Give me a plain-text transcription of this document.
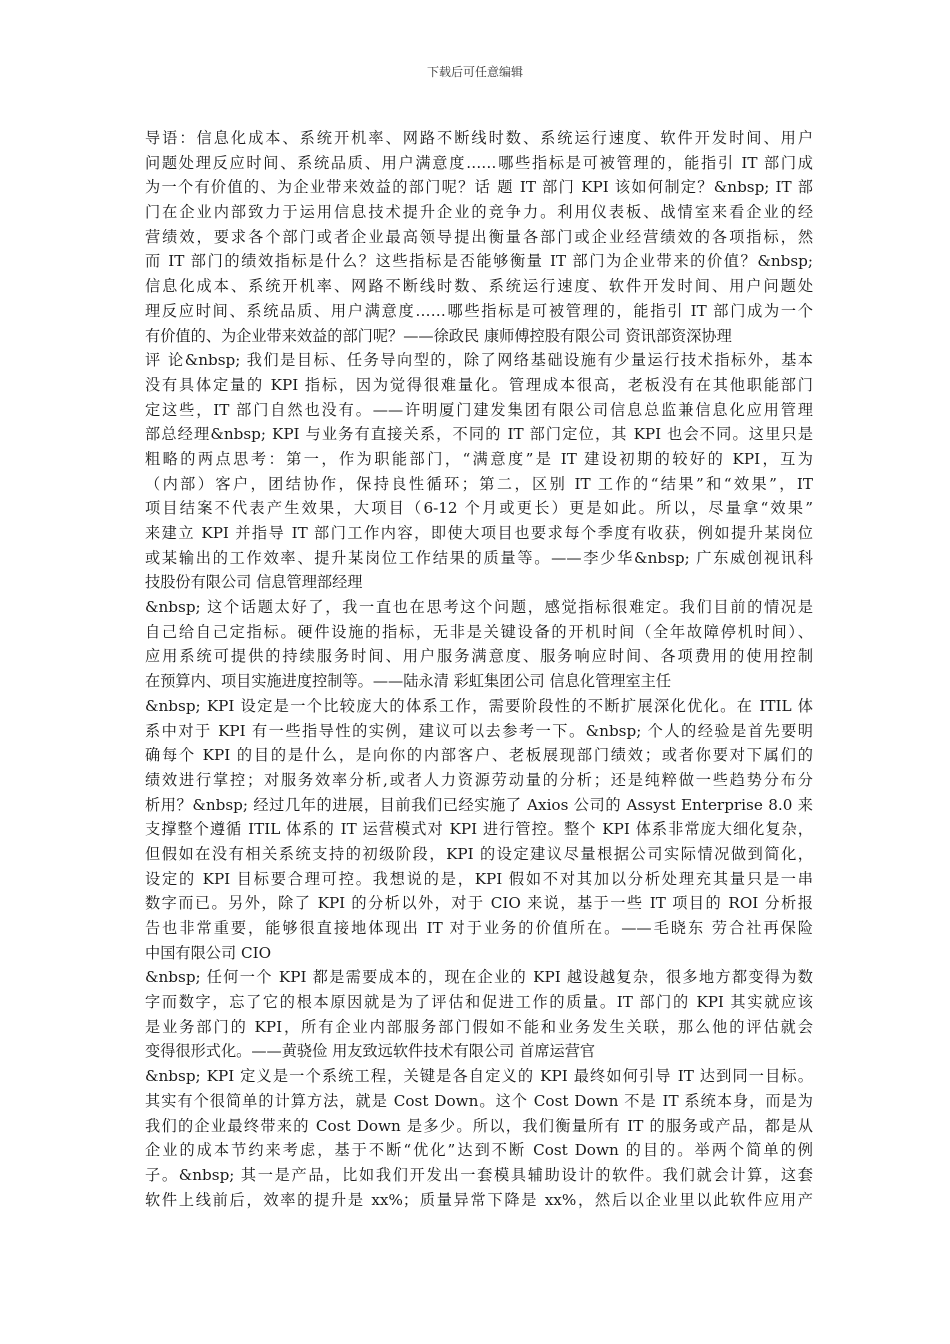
下载后可任意编辑
导语：信息化成本、系统开机率、网路不断线时数、系统运行速度、软件开发时间、用户
问题处理反应时间、系统品质、用户满意度……哪些指标是可被管理的，能指引 IT 部门成
为一个有价值的、为企业带来效益的部门呢？话 题 IT 部门 KPI 该如何制定？&nbsp; IT 部
门在企业内部致力于运用信息技术提升企业的竞争力。利用仪表板、战情室来看企业的经
营绩效，要求各个部门或者企业最高领导提出衡量各部门或企业经营绩效的各项指标，然
而 IT 部门的绩效指标是什么？这些指标是否能够衡量 IT 部门为企业带来的价值？&nbsp;
信息化成本、系统开机率、网路不断线时数、系统运行速度、软件开发时间、用户问题处
理反应时间、系统品质、用户满意度……哪些指标是可被管理的，能指引 IT 部门成为一个
有价值的、为企业带来效益的部门呢？——徐政民 康师傅控股有限公司 资讯部资深协理
评 论&nbsp; 我们是目标、任务导向型的，除了网络基础设施有少量运行技术指标外，基本
没有具体定量的 KPI 指标，因为觉得很难量化。管理成本很高，老板没有在其他职能部门
定这些，IT 部门自然也没有。——许明厦门建发集团有限公司信息总监兼信息化应用管理
部总经理&nbsp; KPI 与业务有直接关系，不同的 IT 部门定位，其 KPI 也会不同。这里只是
粗略的两点思考：第一，作为职能部门，“满意度”是 IT 建设初期的较好的 KPI，互为
（内部）客户，团结协作，保持良性循环；第二，区别 IT 工作的“结果”和“效果”，IT
项目结案不代表产生效果，大项目（6-12 个月或更长）更是如此。所以，尽量拿“效果”
来建立 KPI 并指导 IT 部门工作内容，即使大项目也要求每个季度有收获，例如提升某岗位
或某输出的工作效率、提升某岗位工作结果的质量等。——李少华&nbsp; 广东威创视讯科
技股份有限公司 信息管理部经理
&nbsp; 这个话题太好了，我一直也在思考这个问题，感觉指标很难定。我们目前的情况是
自己给自己定指标。硬件设施的指标，无非是关键设备的开机时间（全年故障停机时间）、
应用系统可提供的持续服务时间、用户服务满意度、服务响应时间、各项费用的使用控制
在预算内、项目实施进度控制等。——陆永清 彩虹集团公司 信息化管理室主任
&nbsp; KPI 设定是一个比较庞大的体系工作，需要阶段性的不断扩展深化优化。在 ITIL 体
系中对于 KPI 有一些指导性的实例，建议可以去参考一下。&nbsp; 个人的经验是首先要明
确每个 KPI 的目的是什么，是向你的内部客户、老板展现部门绩效；或者你要对下属们的
绩效进行掌控；对服务效率分析,或者人力资源劳动量的分析；还是纯粹做一些趋势分布分
析用？&nbsp; 经过几年的进展，目前我们已经实施了 Axios 公司的 Assyst Enterprise 8.0 来
支撑整个遵循 ITIL 体系的 IT 运营模式对 KPI 进行管控。整个 KPI 体系非常庞大细化复杂，
但假如在没有相关系统支持的初级阶段，KPI 的设定建议尽量根据公司实际情况做到简化，
设定的 KPI 目标要合理可控。我想说的是，KPI 假如不对其加以分析处理充其量只是一串
数字而已。另外，除了 KPI 的分析以外，对于 CIO 来说，基于一些 IT 项目的 ROI 分析报
告也非常重要，能够很直接地体现出 IT 对于业务的价值所在。——毛晓东 劳合社再保险
中国有限公司 CIO
&nbsp; 任何一个 KPI 都是需要成本的，现在企业的 KPI 越设越复杂，很多地方都变得为数
字而数字，忘了它的根本原因就是为了评估和促进工作的质量。IT 部门的 KPI 其实就应该
是业务部门的 KPI，所有企业内部服务部门假如不能和业务发生关联，那么他的评估就会
变得很形式化。——黄骁俭 用友致远软件技术有限公司 首席运营官
&nbsp; KPI 定义是一个系统工程，关键是各自定义的 KPI 最终如何引导 IT 达到同一目标。
其实有个很简单的计算方法，就是 Cost Down。这个 Cost Down 不是 IT 系统本身，而是为
我们的企业最终带来的 Cost Down 是多少。所以，我们衡量所有 IT 的服务或产品，都是从
企业的成本节约来考虑，基于不断“优化”达到不断 Cost Down 的目的。举两个简单的例
子。&nbsp; 其一是产品，比如我们开发出一套模具辅助设计的软件。我们就会计算，这套
软件上线前后，效率的提升是 xx%；质量异常下降是 xx%，然后以企业里以此软件应用产
